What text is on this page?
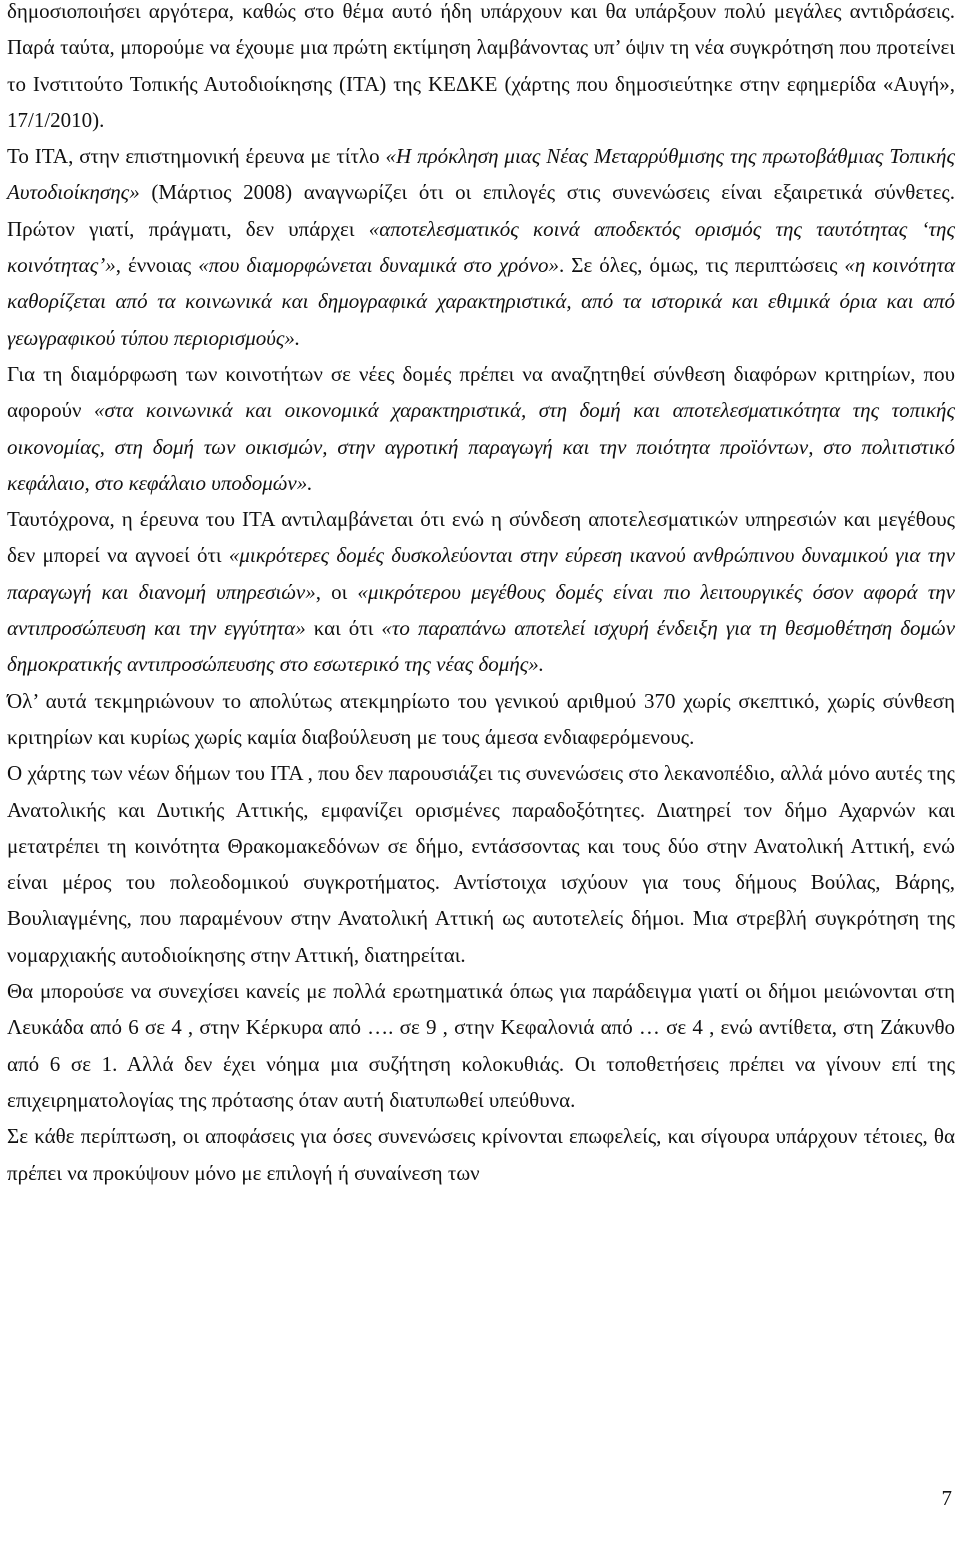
δημοσιοποιήσει αργότερα, καθώς στο θέμα αυτό ήδη υπάρχουν και θα υπάρξουν πολύ μεγάλες αντιδράσεις. Παρά ταύτα, μπορούμε να έχουμε μια πρώτη εκτίμηση λαμβάνοντας υπ’ όψιν τη νέα συγκρότηση που προτείνει το Ινστιτούτο Τοπικής Αυτοδιοίκησης (ΙΤΑ) της ΚΕΔΚΕ (χάρτης που δημοσιεύτηκε στην εφημερίδα «Αυγή», 17/1/2010).

Το ΙΤΑ, στην επιστημονική έρευνα με τίτλο «Η πρόκληση μιας Νέας Μεταρρύθμισης της πρωτοβάθμιας Τοπικής Αυτοδιοίκησης» (Μάρτιος 2008) αναγνωρίζει ότι οι επιλογές στις συνενώσεις είναι εξαιρετικά σύνθετες. Πρώτον γιατί, πράγματι, δεν υπάρχει «αποτελεσματικός κοινά αποδεκτός ορισμός της ταυτότητας ‘της κοινότητας’», έννοιας «που διαμορφώνεται δυναμικά στο χρόνο». Σε όλες, όμως, τις περιπτώσεις «η κοινότητα καθορίζεται από τα κοινωνικά και δημογραφικά χαρακτηριστικά, από τα ιστορικά και εθιμικά όρια και από γεωγραφικού τύπου περιορισμούς».

Για τη διαμόρφωση των κοινοτήτων σε νέες δομές πρέπει να αναζητηθεί σύνθεση διαφόρων κριτηρίων, που αφορούν «στα κοινωνικά και οικονομικά χαρακτηριστικά, στη δομή και αποτελεσματικότητα της τοπικής οικονομίας, στη δομή των οικισμών, στην αγροτική παραγωγή και την ποιότητα προϊόντων, στο πολιτιστικό κεφάλαιο, στο κεφάλαιο υποδομών».

Ταυτόχρονα, η έρευνα του ΙΤΑ αντιλαμβάνεται ότι ενώ η σύνδεση αποτελεσματικών υπηρεσιών και μεγέθους δεν μπορεί να αγνοεί ότι «μικρότερες δομές δυσκολεύονται στην εύρεση ικανού ανθρώπινου δυναμικού για την παραγωγή και διανομή υπηρεσιών», οι «μικρότερου μεγέθους δομές είναι πιο λειτουργικές όσον αφορά την αντιπροσώπευση και την εγγύτητα» και ότι «το παραπάνω αποτελεί ισχυρή ένδειξη για τη θεσμοθέτηση δομών δημοκρατικής αντιπροσώπευσης στο εσωτερικό της νέας δομής».

Όλ’ αυτά τεκμηριώνουν το απολύτως ατεκμηρίωτο του γενικού αριθμού 370 χωρίς σκεπτικό, χωρίς σύνθεση κριτηρίων και κυρίως χωρίς καμία διαβούλευση με τους άμεσα ενδιαφερόμενους.

Ο χάρτης των νέων δήμων του ΙΤΑ , που δεν παρουσιάζει τις συνενώσεις στο λεκανοπέδιο, αλλά μόνο αυτές της Ανατολικής και Δυτικής Αττικής, εμφανίζει ορισμένες παραδοξότητες. Διατηρεί τον δήμο Αχαρνών και μετατρέπει τη κοινότητα Θρακομακεδόνων σε δήμο, εντάσσοντας και τους δύο στην Ανατολική Αττική, ενώ είναι μέρος του πολεοδομικού συγκροτήματος. Αντίστοιχα ισχύουν για τους δήμους Βούλας, Βάρης, Βουλιαγμένης, που παραμένουν στην Ανατολική Αττική ως αυτοτελείς δήμοι. Μια στρεβλή συγκρότηση της νομαρχιακής αυτοδιοίκησης στην Αττική, διατηρείται.

Θα μπορούσε να συνεχίσει κανείς με πολλά ερωτηματικά όπως για παράδειγμα γιατί οι δήμοι μειώνονται στη Λευκάδα από 6 σε 4 , στην Κέρκυρα από …. σε 9 , στην Κεφαλονιά από … σε 4 , ενώ αντίθετα, στη Ζάκυνθο από 6 σε 1. Αλλά δεν έχει νόημα μια συζήτηση κολοκυθιάς. Οι τοποθετήσεις πρέπει να γίνουν επί της επιχειρηματολογίας της πρότασης όταν αυτή διατυπωθεί υπεύθυνα.

Σε κάθε περίπτωση, οι αποφάσεις για όσες συνενώσεις κρίνονται επωφελείς, και σίγουρα υπάρχουν τέτοιες, θα πρέπει να προκύψουν μόνο με επιλογή ή συναίνεση των

7
